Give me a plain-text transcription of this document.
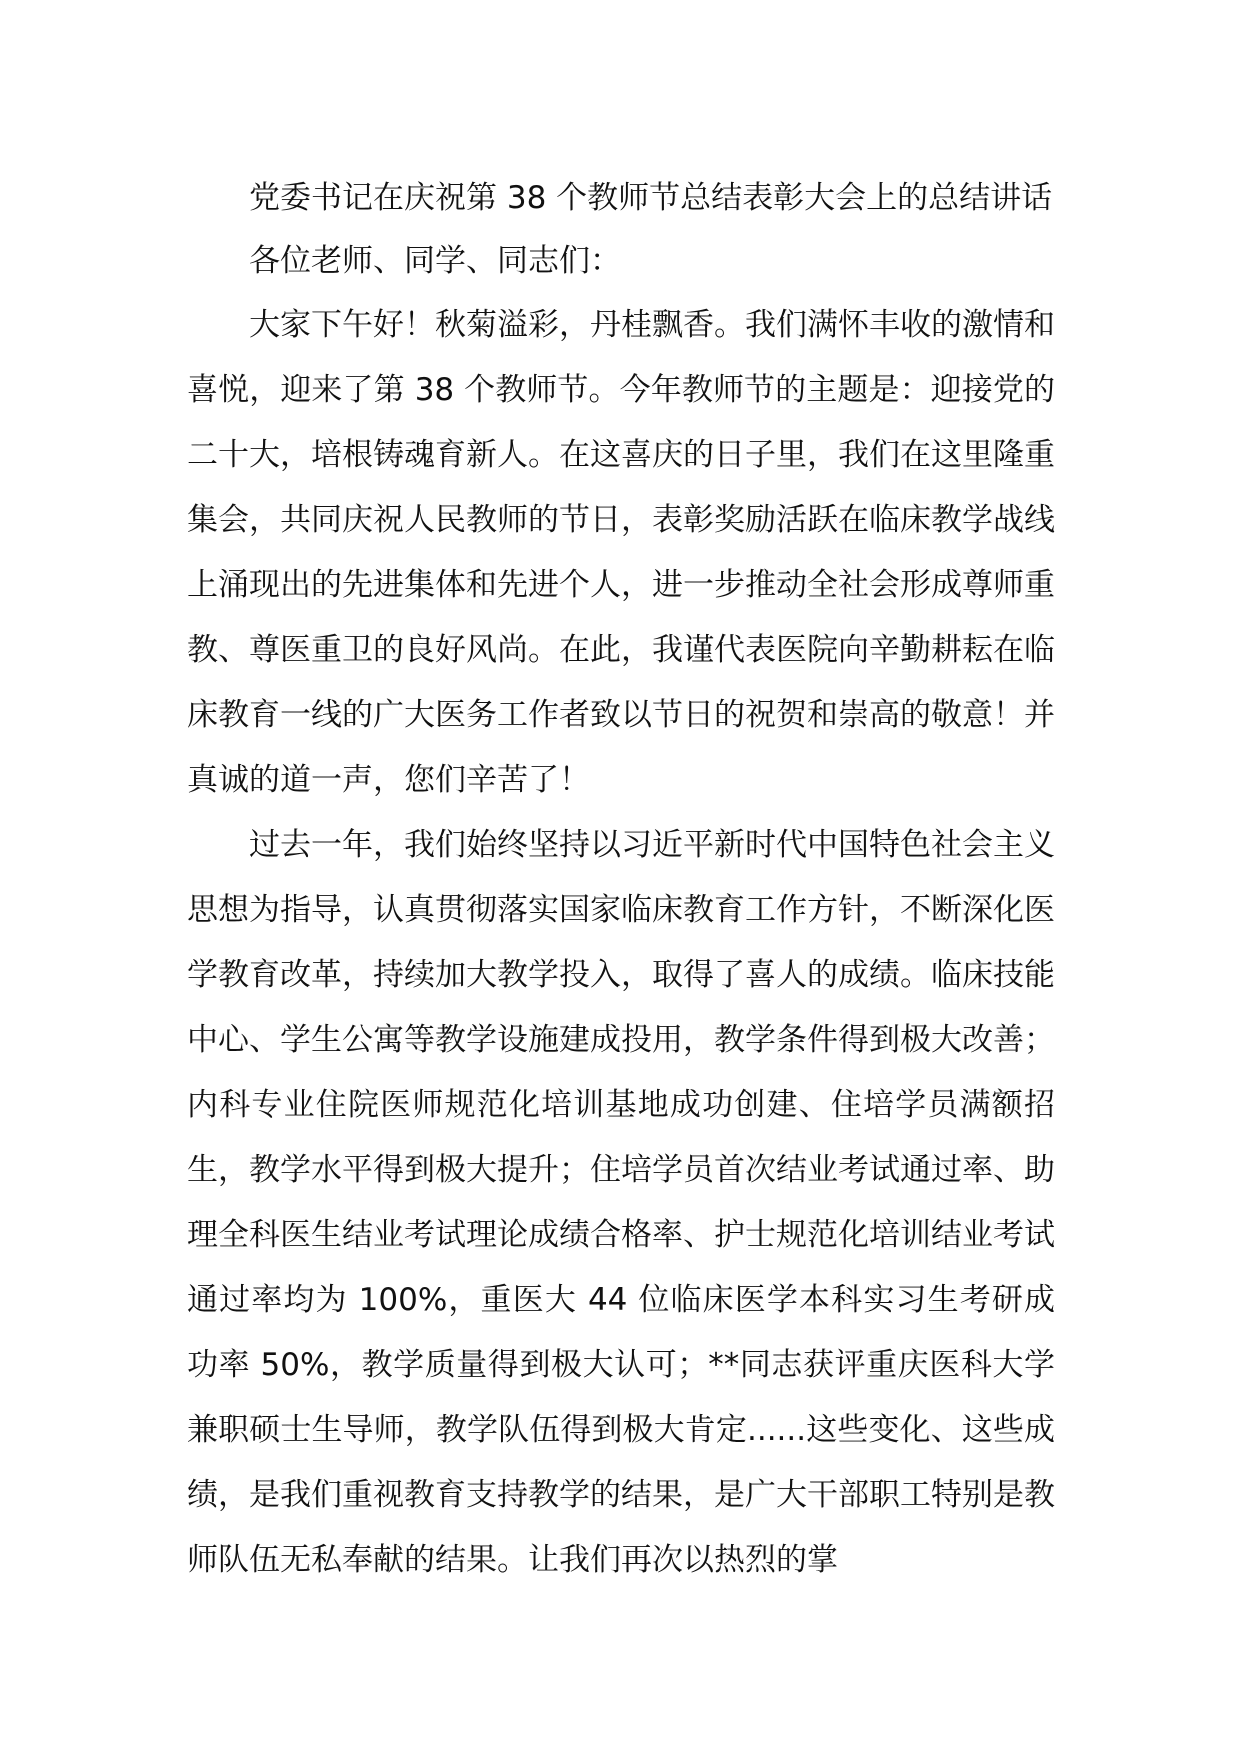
党委书记在庆祝第 38 个教师节总结表彰大会上的总结讲话

各位老师、同学、同志们：

大家下午好！秋菊溢彩，丹桂飘香。我们满怀丰收的激情和喜悦，迎来了第 38 个教师节。今年教师节的主题是：迎接党的二十大，培根铸魂育新人。在这喜庆的日子里，我们在这里隆重集会，共同庆祝人民教师的节日，表彰奖励活跃在临床教学战线上涌现出的先进集体和先进个人，进一步推动全社会形成尊师重教、尊医重卫的良好风尚。在此，我谨代表医院向辛勤耕耘在临床教育一线的广大医务工作者致以节日的祝贺和崇高的敬意！并真诚的道一声，您们辛苦了！

过去一年，我们始终坚持以习近平新时代中国特色社会主义思想为指导，认真贯彻落实国家临床教育工作方针，不断深化医学教育改革，持续加大教学投入，取得了喜人的成绩。临床技能中心、学生公寓等教学设施建成投用，教学条件得到极大改善；内科专业住院医师规范化培训基地成功创建、住培学员满额招生，教学水平得到极大提升；住培学员首次结业考试通过率、助理全科医生结业考试理论成绩合格率、护士规范化培训结业考试通过率均为 100%，重医大 44 位临床医学本科实习生考研成功率 50%，教学质量得到极大认可；**同志获评重庆医科大学兼职硕士生导师，教学队伍得到极大肯定......这些变化、这些成绩，是我们重视教育支持教学的结果，是广大干部职工特别是教师队伍无私奉献的结果。让我们再次以热烈的掌
